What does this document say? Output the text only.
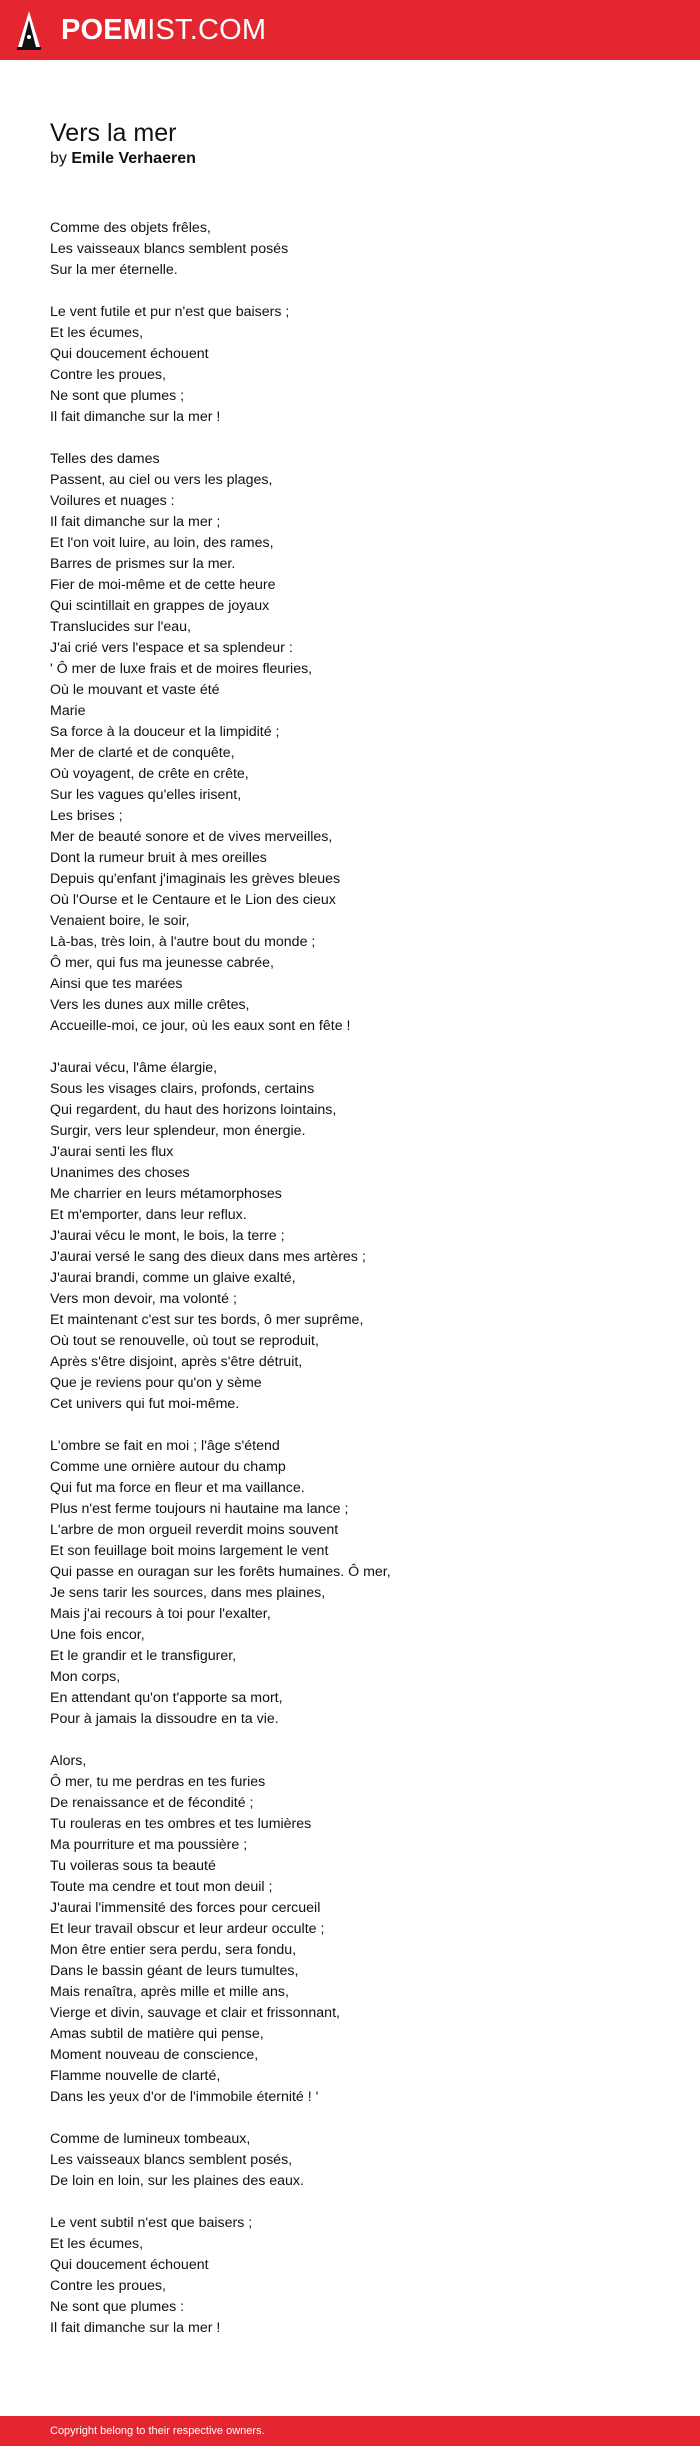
POEMIST.COM
Vers la mer
by Emile Verhaeren
Comme des objets frêles,
Les vaisseaux blancs semblent posés
Sur la mer éternelle.
Le vent futile et pur n'est que baisers ;
Et les écumes,
Qui doucement échouent
Contre les proues,
Ne sont que plumes ;
Il fait dimanche sur la mer !
Telles des dames
Passent, au ciel ou vers les plages,
Voilures et nuages :
Il fait dimanche sur la mer ;
Et l'on voit luire, au loin, des rames,
Barres de prismes sur la mer.
Fier de moi-même et de cette heure
Qui scintillait en grappes de joyaux
Translucides sur l'eau,
J'ai crié vers l'espace et sa splendeur :
' Ô mer de luxe frais et de moires fleuries,
Où le mouvant et vaste été
Marie
Sa force à la douceur et la limpidité ;
Mer de clarté et de conquête,
Où voyagent, de crête en crête,
Sur les vagues qu'elles irisent,
Les brises ;
Mer de beauté sonore et de vives merveilles,
Dont la rumeur bruit à mes oreilles
Depuis qu'enfant j'imaginais les grèves bleues
Où l'Ourse et le Centaure et le Lion des cieux
Venaient boire, le soir,
Là-bas, très loin, à l'autre bout du monde ;
Ô mer, qui fus ma jeunesse cabrée,
Ainsi que tes marées
Vers les dunes aux mille crêtes,
Accueille-moi, ce jour, où les eaux sont en fête !
J'aurai vécu, l'âme élargie,
Sous les visages clairs, profonds, certains
Qui regardent, du haut des horizons lointains,
Surgir, vers leur splendeur, mon énergie.
J'aurai senti les flux
Unanimes des choses
Me charrier en leurs métamorphoses
Et m'emporter, dans leur reflux.
J'aurai vécu le mont, le bois, la terre ;
J'aurai versé le sang des dieux dans mes artères ;
J'aurai brandi, comme un glaive exalté,
Vers mon devoir, ma volonté ;
Et maintenant c'est sur tes bords, ô mer suprême,
Où tout se renouvelle, où tout se reproduit,
Après s'être disjoint, après s'être détruit,
Que je reviens pour qu'on y sème
Cet univers qui fut moi-même.
L'ombre se fait en moi ; l'âge s'étend
Comme une ornière autour du champ
Qui fut ma force en fleur et ma vaillance.
Plus n'est ferme toujours ni hautaine ma lance ;
L'arbre de mon orgueil reverdit moins souvent
Et son feuillage boit moins largement le vent
Qui passe en ouragan sur les forêts humaines. Ô mer,
Je sens tarir les sources, dans mes plaines,
Mais j'ai recours à toi pour l'exalter,
Une fois encor,
Et le grandir et le transfigurer,
Mon corps,
En attendant qu'on t'apporte sa mort,
Pour à jamais la dissoudre en ta vie.
Alors,
Ô mer, tu me perdras en tes furies
De renaissance et de fécondité ;
Tu rouleras en tes ombres et tes lumières
Ma pourriture et ma poussière ;
Tu voileras sous ta beauté
Toute ma cendre et tout mon deuil ;
J'aurai l'immensité des forces pour cercueil
Et leur travail obscur et leur ardeur occulte ;
Mon être entier sera perdu, sera fondu,
Dans le bassin géant de leurs tumultes,
Mais renaîtra, après mille et mille ans,
Vierge et divin, sauvage et clair et frissonnant,
Amas subtil de matière qui pense,
Moment nouveau de conscience,
Flamme nouvelle de clarté,
Dans les yeux d'or de l'immobile éternité ! '
Comme de lumineux tombeaux,
Les vaisseaux blancs semblent posés,
De loin en loin, sur les plaines des eaux.
Le vent subtil n'est que baisers ;
Et les écumes,
Qui doucement échouent
Contre les proues,
Ne sont que plumes :
Il fait dimanche sur la mer !
Copyright belong to their respective owners.
